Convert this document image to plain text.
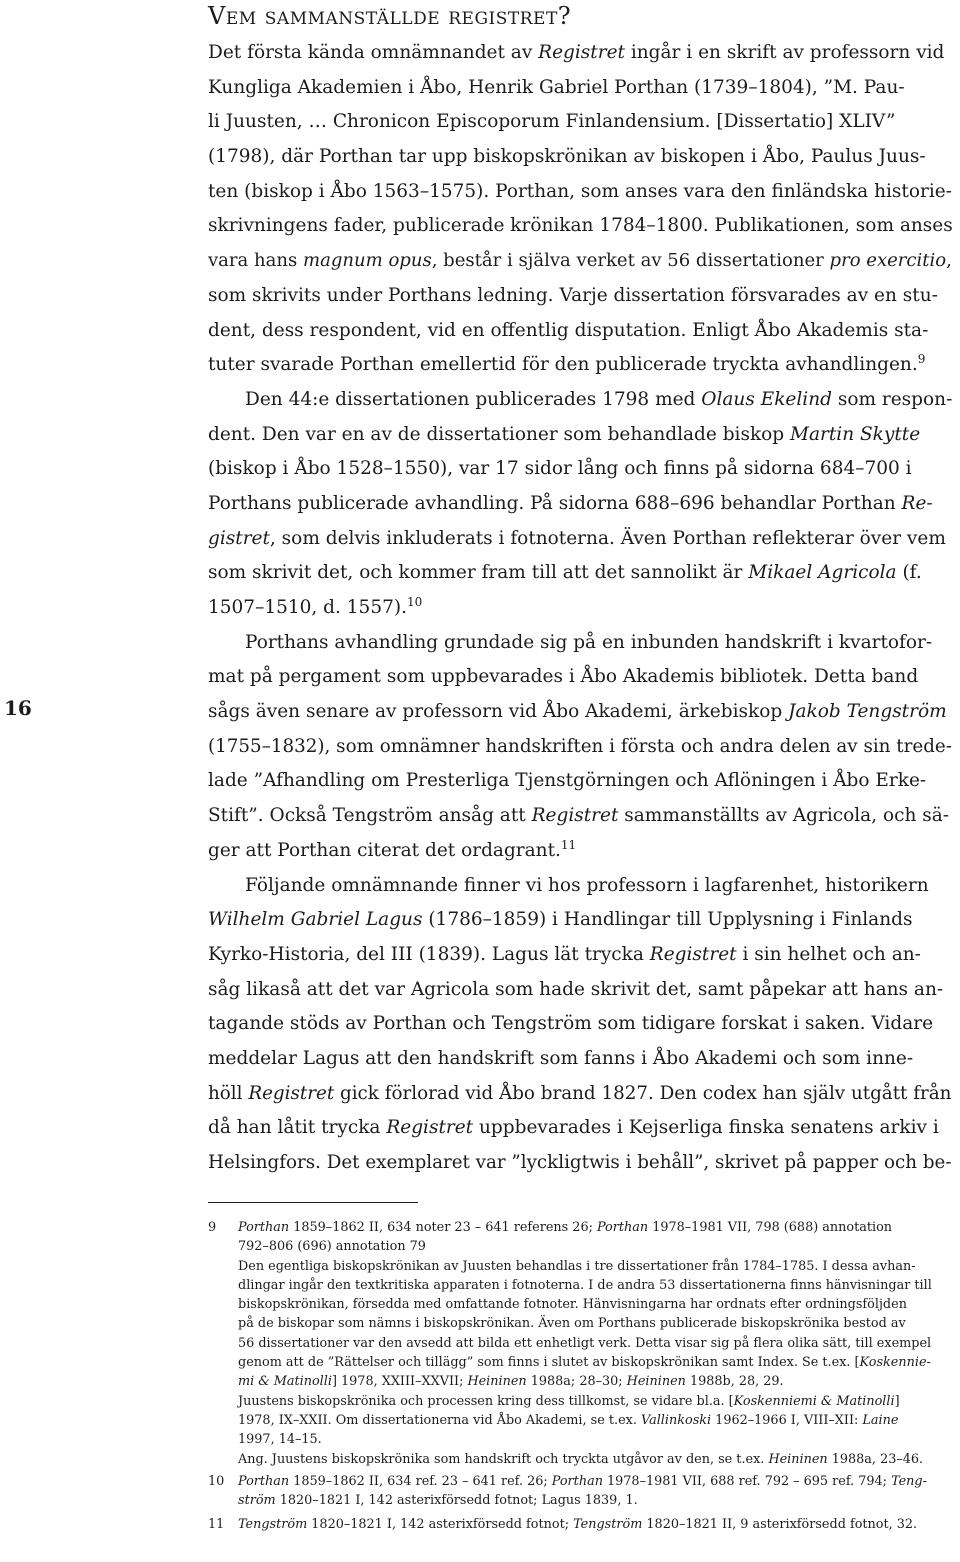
Vem sammanställde registret?
16
Det första kända omnämnandet av Registret ingår i en skrift av professorn vid
Kungliga Akademien i Åbo, Henrik Gabriel Porthan (1739–1804), ”M. Pau-
li Juusten, … Chronicon Episcoporum Finlandensium. [Dissertatio] XLIV”
(1798), där Porthan tar upp biskopskrönikan av biskopen i Åbo, Paulus Juus-
ten (biskop i Åbo 1563–1575). Porthan, som anses vara den finländska historie-
skrivningens fader, publicerade krönikan 1784–1800. Publikationen, som anses
vara hans magnum opus, består i själva verket av 56 dissertationer pro exercitio,
som skrivits under Porthans ledning. Varje dissertation försvarades av en stu-
dent, dess respondent, vid en offentlig disputation. Enligt Åbo Akademis sta-
tuter svarade Porthan emellertid för den publicerade tryckta avhandlingen.$^9$
Den 44:e dissertationen publicerades 1798 med Olaus Ekelind som respon-
dent. Den var en av de dissertationer som behandlade biskop Martin Skytte
(biskop i Åbo 1528–1550), var 17 sidor lång och finns på sidorna 684–700 i
Porthans publicerade avhandling. På sidorna 688–696 behandlar Porthan Re-
gistret, som delvis inkluderats i fotnoterna. Även Porthan reflekterar över vem
som skrivit det, och kommer fram till att det sannolikt är Mikael Agricola (f.
1507–1510, d. 1557).$^{10}$
Porthans avhandling grundade sig på en inbunden handskrift i kvartofor-
mat på pergament som uppbevarades i Åbo Akademis bibliotek. Detta band
sågs även senare av professorn vid Åbo Akademi, ärkebiskop Jakob Tengström
(1755–1832), som omnämner handskriften i första och andra delen av sin trede-
lade ”Afhandling om Presterliga Tjenstgörningen och Aflöningen i Åbo Erke-
Stift”. Också Tengström ansåg att Registret sammanställts av Agricola, och sä-
ger att Porthan citerat det ordagrant.$^{11}$
Följande omnämnande finner vi hos professorn i lagfarenhet, historikern
Wilhelm Gabriel Lagus (1786–1859) i Handlingar till Upplysning i Finlands
Kyrko-Historia, del III (1839). Lagus lät trycka Registret i sin helhet och an-
såg likaså att det var Agricola som hade skrivit det, samt påpekar att hans an-
tagande stöds av Porthan och Tengström som tidigare forskat i saken. Vidare
meddelar Lagus att den handskrift som fanns i Åbo Akademi och som inne-
höll Registret gick förlorad vid Åbo brand 1827. Den codex han själv utgått från
då han låtit trycka Registret uppbevarades i Kejserliga finska senatens arkiv i
Helsingfors. Det exemplaret var ”lyckligtwis i behåll”, skrivet på papper och be-
9	Porthan 1859–1862 II, 634 noter 23 – 641 referens 26; Porthan 1978–1981 VII, 798 (688) annotation
792–806 (696) annotation 79
Den egentliga biskopskrönikan av Juusten behandlas i tre dissertationer från 1784–1785. I dessa avhan-
dlingar ingår den textkritiska apparaten i fotnoterna. I de andra 53 dissertationerna finns hänvisningar till
biskopskrönikan, försedda med omfattande fotnoter. Hänvisningarna har ordnats efter ordningsföljden
på de biskopar som nämns i biskopskrönikan. Även om Porthans publicerade biskopskrönika bestod av
56 dissertationer var den avsedd att bilda ett enhetligt verk. Detta visar sig på flera olika sätt, till exempel
genom att de ”Rättelser och tillägg” som finns i slutet av biskopskrönikan samt Index. Se t.ex. [Koskennie-
mi & Matinolli] 1978, XXIII–XXVII; Heininen 1988a; 28–30; Heininen 1988b, 28, 29.
Juustens biskopskrönika och processen kring dess tillkomst, se vidare bl.a. [Koskenniemi & Matinolli]
1978, IX–XXII. Om dissertationerna vid Åbo Akademi, se t.ex. Vallinkoski 1962–1966 I, VIII–XII: Laine
1997, 14–15.
Ang. Juustens biskopskrönika som handskrift och tryckta utgåvor av den, se t.ex. Heininen 1988a, 23–46.
10	Porthan 1859–1862 II, 634 ref. 23 – 641 ref. 26; Porthan 1978–1981 VII, 688 ref. 792 – 695 ref. 794; Teng-
ström 1820–1821 I, 142 asterixförsedd fotnot; Lagus 1839, 1.
11	Tengström 1820–1821 I, 142 asterixförsedd fotnot; Tengström 1820–1821 II, 9 asterixförsedd fotnot, 32.
